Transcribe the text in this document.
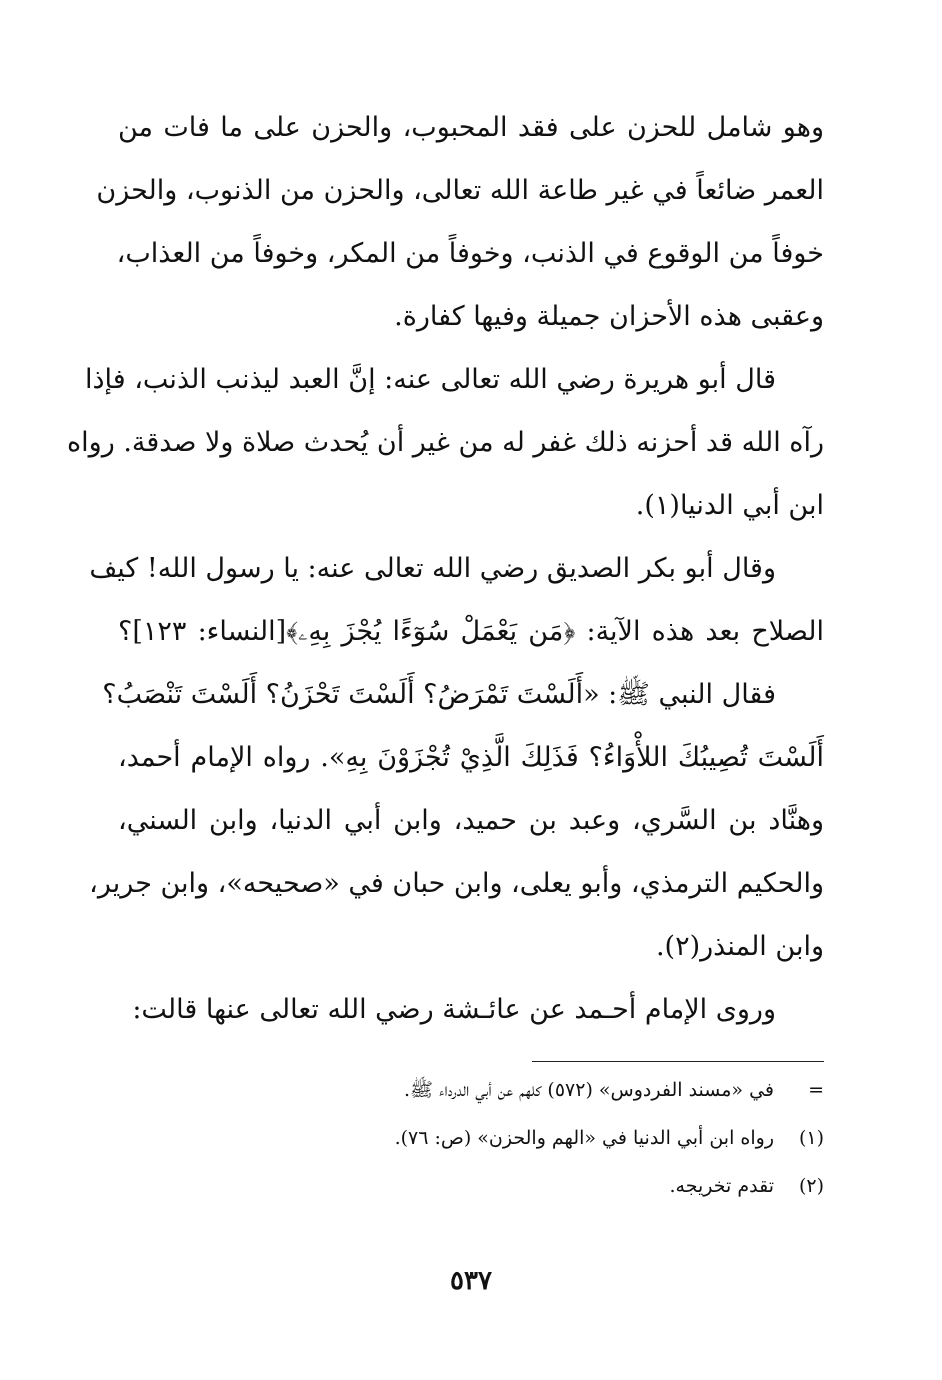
وهو شامل للحزن على فقد المحبوب، والحزن على ما فات من
العمر ضائعاً في غير طاعة الله تعالى، والحزن من الذنوب، والحزن
خوفاً من الوقوع في الذنب، وخوفاً من المكر، وخوفاً من العذاب،
وعقبى هذه الأحزان جميلة وفيها كفارة.

قال أبو هريرة رضي الله تعالى عنه: إنَّ العبد ليذنب الذنب، فإذا
رآه الله قد أحزنه ذلك غفر له من غير أن يُحدث صلاة ولا صدقة. رواه
ابن أبي الدنيا(١).

وقال أبو بكر الصديق رضي الله تعالى عنه: يا رسول الله! كيف
الصلاح بعد هذه الآية: ﴿مَن يَعْمَلْ سُوٓءًا يُجْزَ بِهِۦ﴾[النساء: ١٢٣]؟

فقال النبي ﷺ: «أَلَسْتَ تَمْرَضُ؟ أَلَسْتَ تَحْزَنُ؟ أَلَسْتَ تَنْصَبُ؟
أَلَسْتَ تُصِيبُكَ اللأْوَاءُ؟ فَذَلِكَ الَّذِيْ تُجْزَوْنَ بِهِ». رواه الإمام أحمد،
وهنَّاد بن السَّري، وعبد بن حميد، وابن أبي الدنيا، وابن السني،
والحكيم الترمذي، وأبو يعلى، وابن حبان في «صحيحه»، وابن جرير،
وابن المنذر(٢).

وروى الإمام أحـمد عن عائـشة رضي الله تعالى عنها قالت:

=
في «مسند الفردوس» (٥٧٢) كلهم عن أبي الدرداء ﷺ.
(١)
رواه ابن أبي الدنيا في «الهم والحزن» (ص: ٧٦).
(٢)
تقدم تخريجه.
٥٣٧
